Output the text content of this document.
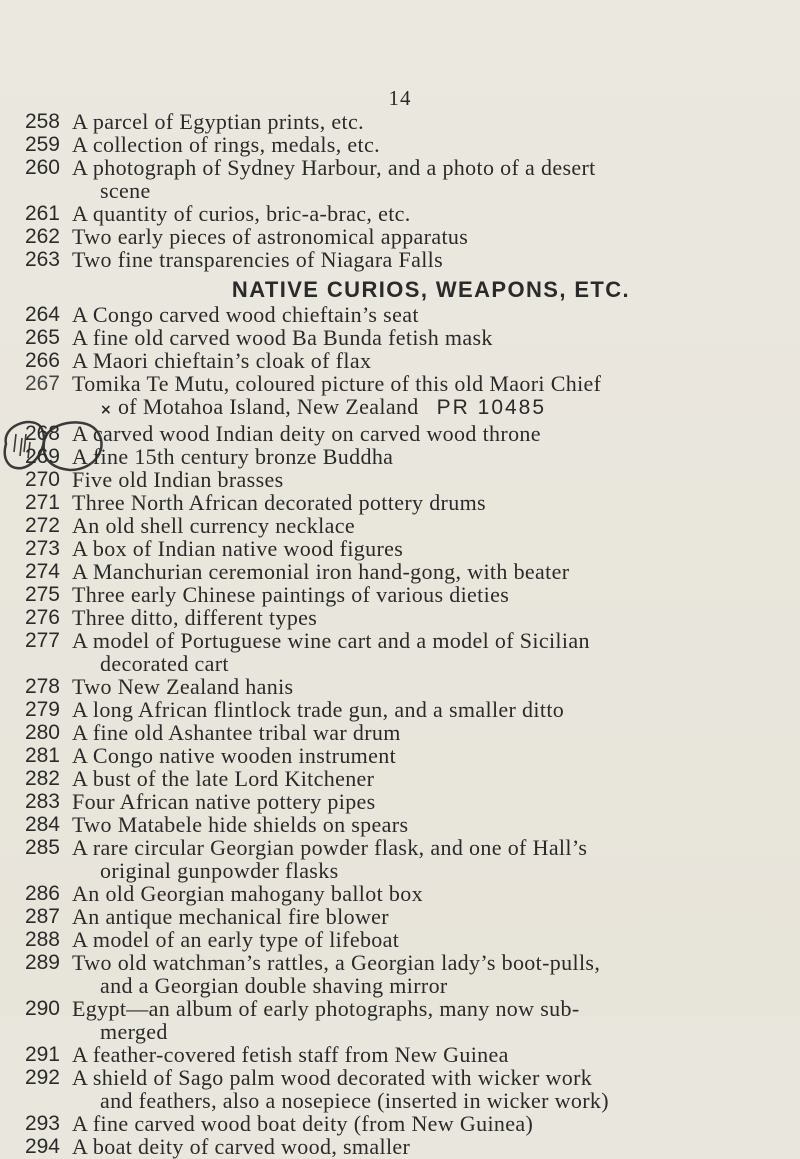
14
258 A parcel of Egyptian prints, etc.
259 A collection of rings, medals, etc.
260 A photograph of Sydney Harbour, and a photo of a desert
scene
261 A quantity of curios, bric-a-brac, etc.
262 Two early pieces of astronomical apparatus
263 Two fine transparencies of Niagara Falls
NATIVE CURIOS, WEAPONS, ETC.
264 A Congo carved wood chieftain’s seat
265 A fine old carved wood Ba Bunda fetish mask
266 A Maori chieftain’s cloak of flax
267 Tomika Te Mutu, coloured picture of this old Maori Chief
× of Motahoa Island, New Zealand PR 10485
268 A carved wood Indian deity on carved wood throne
269 A fine 15th century bronze Buddha
270 Five old Indian brasses
271 Three North African decorated pottery drums
272 An old shell currency necklace
273 A box of Indian native wood figures
274 A Manchurian ceremonial iron hand-gong, with beater
275 Three early Chinese paintings of various dieties
276 Three ditto, different types
277 A model of Portuguese wine cart and a model of Sicilian
decorated cart
278 Two New Zealand hanis
279 A long African flintlock trade gun, and a smaller ditto
280 A fine old Ashantee tribal war drum
281 A Congo native wooden instrument
282 A bust of the late Lord Kitchener
283 Four African native pottery pipes
284 Two Matabele hide shields on spears
285 A rare circular Georgian powder flask, and one of Hall’s
original gunpowder flasks
286 An old Georgian mahogany ballot box
287 An antique mechanical fire blower
288 A model of an early type of lifeboat
289 Two old watchman’s rattles, a Georgian lady’s boot-pulls,
and a Georgian double shaving mirror
290 Egypt—an album of early photographs, many now sub-
merged
291 A feather-covered fetish staff from New Guinea
292 A shield of Sago palm wood decorated with wicker work
and feathers, also a nosepiece (inserted in wicker work)
293 A fine carved wood boat deity (from New Guinea)
294 A boat deity of carved wood, smaller
